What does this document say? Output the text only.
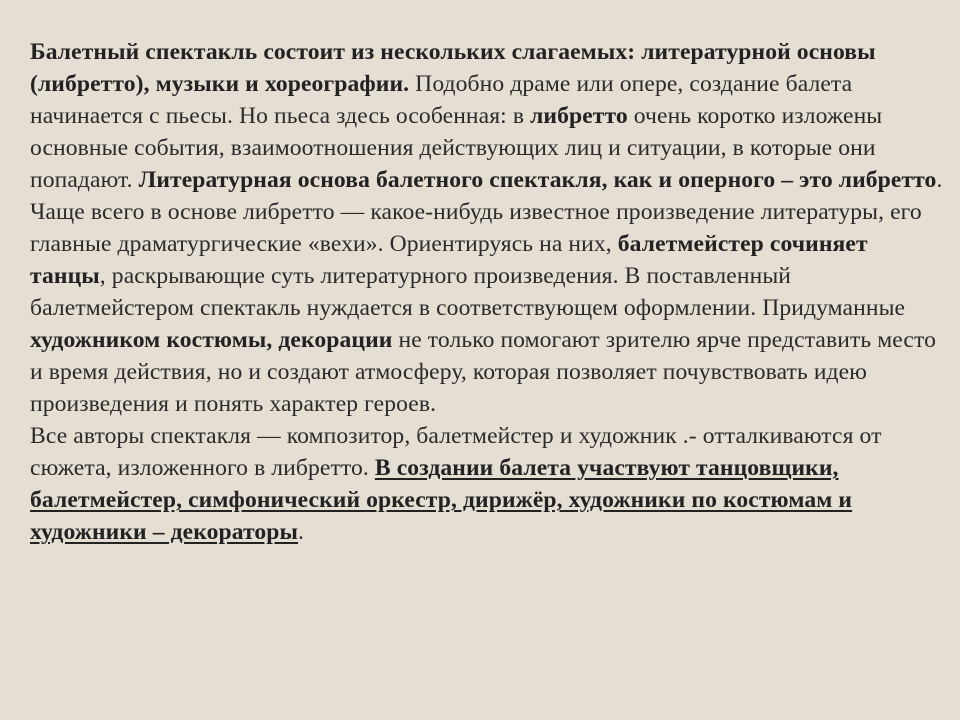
Балетный спектакль состоит из нескольких слагаемых: литературной основы (либретто), музыки и хореографии. Подобно драме или опере, создание балета начинается с пьесы. Но пьеса здесь особенная: в либретто очень коротко изложены основные события, взаимоотношения действующих лиц и ситуации, в которые они попадают. Литературная основа балетного спектакля, как и оперного – это либретто.

Чаще всего в основе либретто — какое-нибудь известное произведение литературы, его главные драматургические «вехи». Ориентируясь на них, балетмейстер сочиняет танцы, раскрывающие суть литературного произведения. В поставленный балетмейстером спектакль нуждается в соответствующем оформлении. Придуманные художником костюмы, декорации не только помогают зрителю ярче представить место и время действия, но и создают атмосферу, которая позволяет почувствовать идею произведения и понять характер героев.

Все авторы спектакля — композитор, балетмейстер и художник .- отталкиваются от сюжета, изложенного в либретто. В создании балета участвуют танцовщики, балетмейстер, симфонический оркестр, дирижёр, художники по костюмам и художники – декораторы.
